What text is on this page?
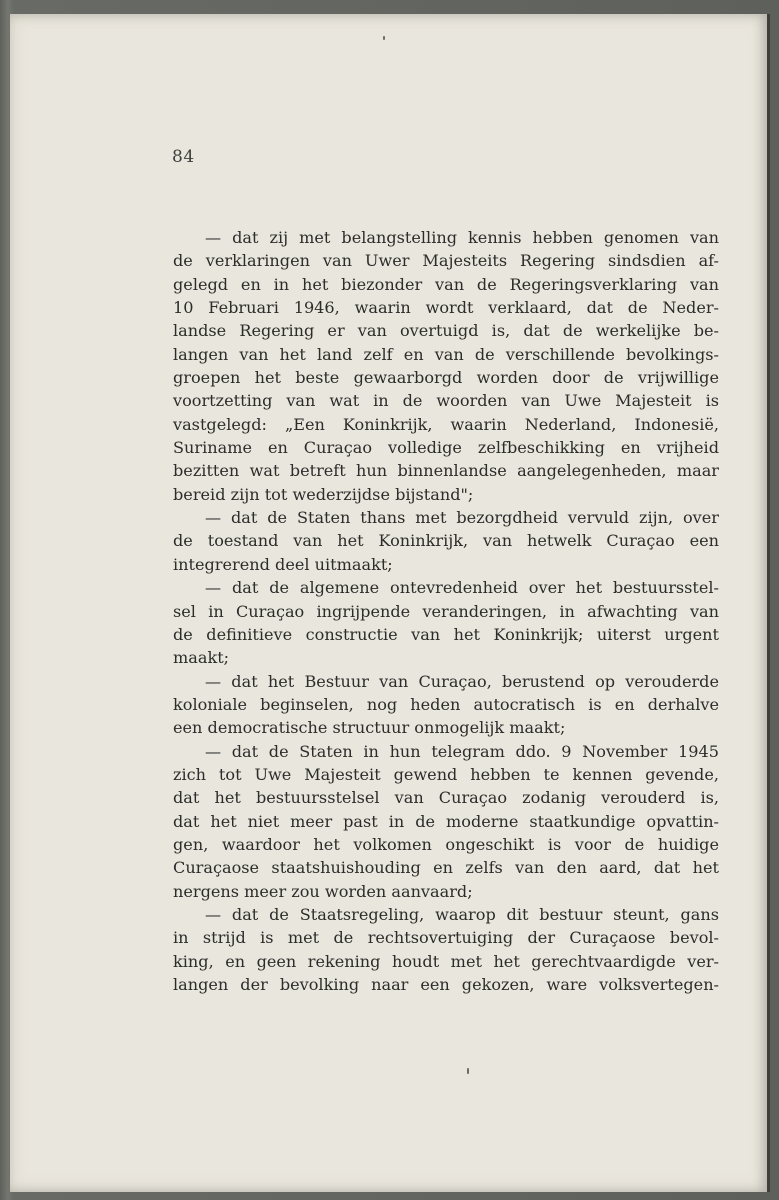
84
— dat zij met belangstelling kennis hebben genomen van
de verklaringen van Uwer Majesteits Regering sindsdien af-
gelegd en in het biezonder van de Regeringsverklaring van
10 Februari 1946, waarin wordt verklaard, dat de Neder-
landse Regering er van overtuigd is, dat de werkelijke be-
langen van het land zelf en van de verschillende bevolkings-
groepen het beste gewaarborgd worden door de vrijwillige
voortzetting van wat in de woorden van Uwe Majesteit is
vastgelegd: „Een Koninkrijk, waarin Nederland, Indonesië,
Suriname en Curaçao volledige zelfbeschikking en vrijheid
bezitten wat betreft hun binnenlandse aangelegenheden, maar
bereid zijn tot wederzijdse bijstand";
— dat de Staten thans met bezorgdheid vervuld zijn, over
de toestand van het Koninkrijk, van hetwelk Curaçao een
integrerend deel uitmaakt;
— dat de algemene ontevredenheid over het bestuursstel-
sel in Curaçao ingrijpende veranderingen, in afwachting van
de definitieve constructie van het Koninkrijk; uiterst urgent
maakt;
— dat het Bestuur van Curaçao, berustend op verouderde
koloniale beginselen, nog heden autocratisch is en derhalve
een democratische structuur onmogelijk maakt;
— dat de Staten in hun telegram ddo. 9 November 1945
zich tot Uwe Majesteit gewend hebben te kennen gevende,
dat het bestuursstelsel van Curaçao zodanig verouderd is,
dat het niet meer past in de moderne staatkundige opvattin-
gen, waardoor het volkomen ongeschikt is voor de huidige
Curaçaose staatshuishouding en zelfs van den aard, dat het
nergens meer zou worden aanvaard;
— dat de Staatsregeling, waarop dit bestuur steunt, gans
in strijd is met de rechtsovertuiging der Curaçaose bevol-
king, en geen rekening houdt met het gerechtvaardigde ver-
langen der bevolking naar een gekozen, ware volksvertegen-
